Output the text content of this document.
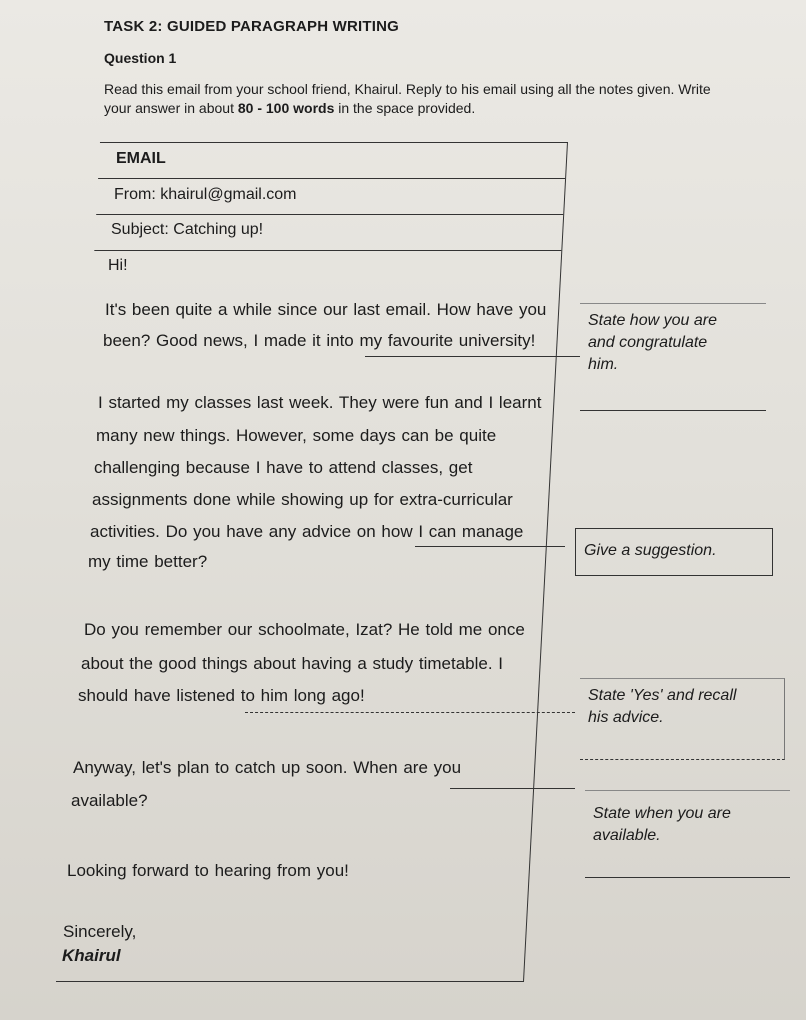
TASK 2: GUIDED PARAGRAPH WRITING
Question 1
Read this email from your school friend, Khairul. Reply to his email using all the notes given. Write
your answer in about 80 - 100 words in the space provided.
EMAIL
From: khairul@gmail.com
Subject: Catching up!
Hi!
It's been quite a while since our last email. How have you
been? Good news, I made it into my favourite university!
I started my classes last week. They were fun and I learnt
many new things. However, some days can be quite
challenging because I have to attend classes, get
assignments done while showing up for extra-curricular
activities. Do you have any advice on how I can manage
my time better?
Do you remember our schoolmate, Izat? He told me once
about the good things about having a study timetable. I
should have listened to him long ago!
Anyway, let's plan to catch up soon. When are you
available?
Looking forward to hearing from you!
Sincerely,
Khairul
State how you are
and congratulate
him.
Give a suggestion.
State 'Yes' and recall
his advice.
State when you are
available.
